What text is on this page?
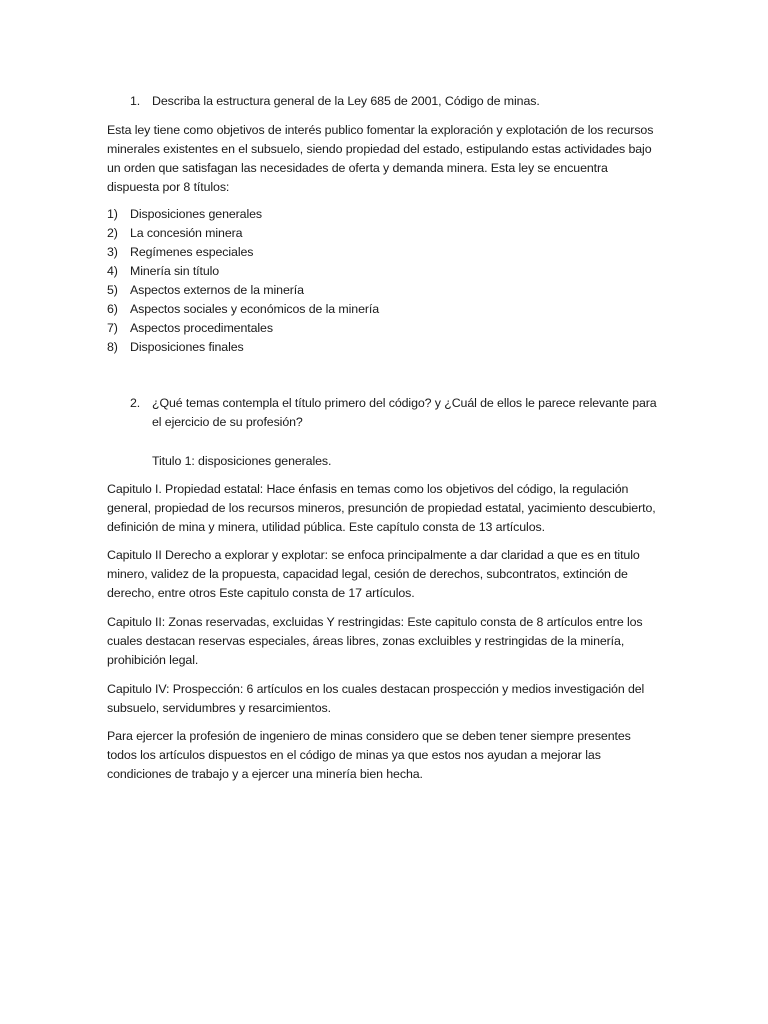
1. Describa la estructura general de la Ley 685 de 2001, Código de minas.

Esta ley tiene como objetivos de interés publico fomentar la exploración y explotación de los recursos minerales existentes en el subsuelo, siendo propiedad del estado, estipulando estas actividades bajo un orden que satisfagan las necesidades de oferta y demanda minera. Esta ley se encuentra dispuesta por 8 títulos:

1) Disposiciones generales
2) La concesión minera
3) Regímenes especiales
4) Minería sin título
5) Aspectos externos de la minería
6) Aspectos sociales y económicos de la minería
7) Aspectos procedimentales
8) Disposiciones finales
2. ¿Qué temas contempla el título primero del código? y ¿Cuál de ellos le parece relevante para el ejercicio de su profesión?

Titulo 1: disposiciones generales.

Capitulo I. Propiedad estatal: Hace énfasis en temas como los objetivos del código, la regulación general, propiedad de los recursos mineros, presunción de propiedad estatal, yacimiento descubierto, definición de mina y minera, utilidad pública. Este capítulo consta de 13 artículos.

Capitulo II Derecho a explorar y explotar: se enfoca principalmente a dar claridad a que es en titulo minero, validez de la propuesta, capacidad legal, cesión de derechos, subcontratos, extinción de derecho, entre otros Este capitulo consta de 17 artículos.

Capitulo II: Zonas reservadas, excluidas Y restringidas: Este capitulo consta de 8 artículos entre los cuales destacan reservas especiales, áreas libres, zonas excluibles y restringidas de la minería, prohibición legal.

Capitulo IV: Prospección: 6 artículos en los cuales destacan prospección y medios investigación del subsuelo, servidumbres y resarcimientos.

Para ejercer la profesión de ingeniero de minas considero que se deben tener siempre presentes todos los artículos dispuestos en el código de minas ya que estos nos ayudan a mejorar las condiciones de trabajo y a ejercer una minería bien hecha.
